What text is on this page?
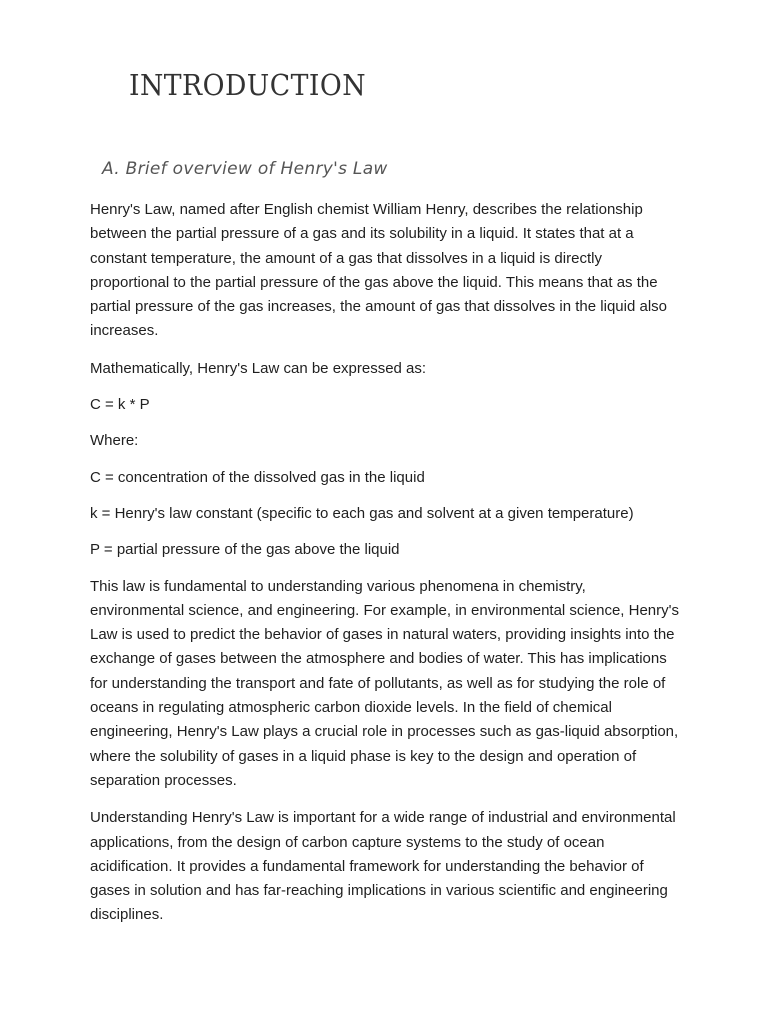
INTRODUCTION
A. Brief overview of Henry's Law

Henry's Law, named after English chemist William Henry, describes the relationship between the partial pressure of a gas and its solubility in a liquid. It states that at a constant temperature, the amount of a gas that dissolves in a liquid is directly proportional to the partial pressure of the gas above the liquid. This means that as the partial pressure of the gas increases, the amount of gas that dissolves in the liquid also increases.

Mathematically, Henry's Law can be expressed as:

C = k * P

Where:

C = concentration of the dissolved gas in the liquid

k = Henry's law constant (specific to each gas and solvent at a given temperature)

P = partial pressure of the gas above the liquid

This law is fundamental to understanding various phenomena in chemistry, environmental science, and engineering. For example, in environmental science, Henry's Law is used to predict the behavior of gases in natural waters, providing insights into the exchange of gases between the atmosphere and bodies of water. This has implications for understanding the transport and fate of pollutants, as well as for studying the role of oceans in regulating atmospheric carbon dioxide levels. In the field of chemical engineering, Henry's Law plays a crucial role in processes such as gas-liquid absorption, where the solubility of gases in a liquid phase is key to the design and operation of separation processes.

Understanding Henry's Law is important for a wide range of industrial and environmental applications, from the design of carbon capture systems to the study of ocean acidification. It provides a fundamental framework for understanding the behavior of gases in solution and has far-reaching implications in various scientific and engineering disciplines.
